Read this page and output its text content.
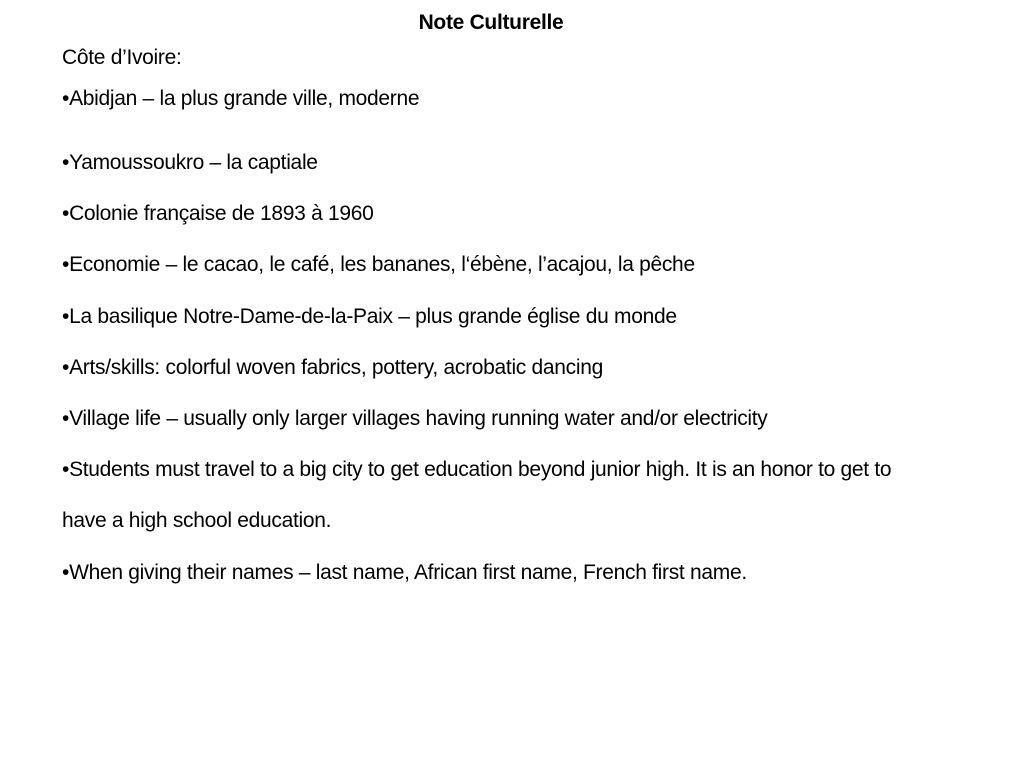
Note Culturelle
Côte d’Ivoire:
•Abidjan – la plus grande ville, moderne
•Yamoussoukro – la captiale
•Colonie française de 1893 à 1960
•Economie – le cacao, le café, les bananes, l‘ébène, l’acajou, la pêche
•La basilique Notre-Dame-de-la-Paix – plus grande église du monde
•Arts/skills: colorful woven fabrics, pottery, acrobatic dancing
•Village life – usually only larger villages having running water and/or electricity
•Students must travel to a big city to get education beyond junior high. It is an honor to get to have a high school education.
•When giving their names – last name, African first name, French first name.
